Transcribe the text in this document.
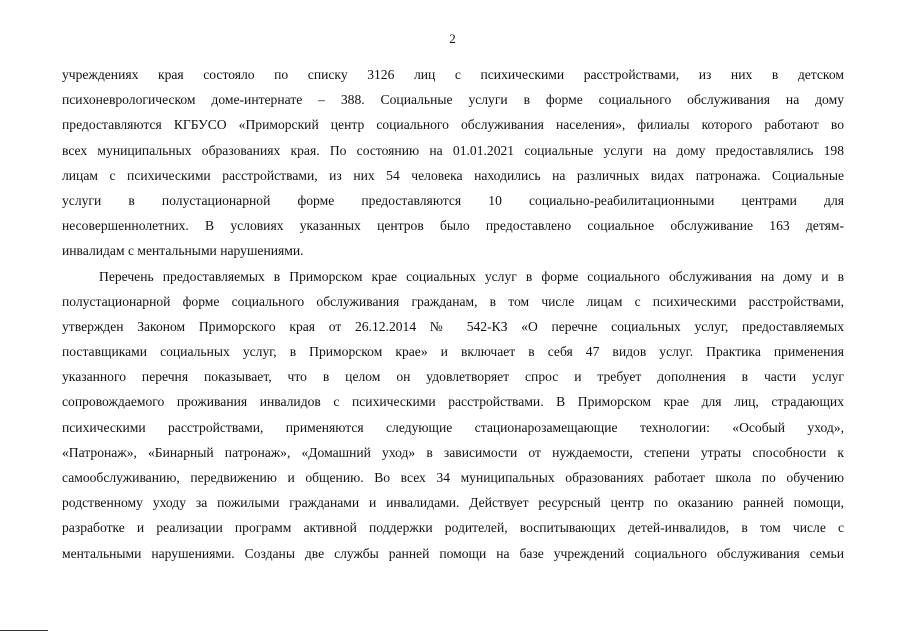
2
учреждениях края состояло по списку 3126 лиц с психическими расстройствами, из них в детском
психоневрологическом доме-интернате – 388. Социальные услуги в форме социального обслуживания на дому
предоставляются КГБУСО «Приморский центр социального обслуживания населения», филиалы которого работают во
всех муниципальных образованиях края. По состоянию на 01.01.2021 социальные услуги на дому предоставлялись 198
лицам с психическими расстройствами, из них 54 человека находились на различных видах патронажа. Социальные
услуги в полустационарной форме предоставляются 10 социально-реабилитационными центрами для
несовершеннолетних. В условиях указанных центров было предоставлено социальное обслуживание 163 детям-
инвалидам с ментальными нарушениями.
Перечень предоставляемых в Приморском крае социальных услуг в форме социального обслуживания на дому и в
полустационарной форме социального обслуживания гражданам, в том числе лицам с психическими расстройствами,
утвержден Законом Приморского края от 26.12.2014 № 542-КЗ «О перечне социальных услуг, предоставляемых
поставщиками социальных услуг, в Приморском крае» и включает в себя 47 видов услуг. Практика применения
указанного перечня показывает, что в целом он удовлетворяет спрос и требует дополнения в части услуг
сопровождаемого проживания инвалидов с психическими расстройствами. В Приморском крае для лиц, страдающих
психическими расстройствами, применяются следующие стационарозамещающие технологии: «Особый уход»,
«Патронаж», «Бинарный патронаж», «Домашний уход» в зависимости от нуждаемости, степени утраты способности к
самообслуживанию, передвижению и общению. Во всех 34 муниципальных образованиях работает школа по обучению
родственному уходу за пожилыми гражданами и инвалидами. Действует ресурсный центр по оказанию ранней помощи,
разработке и реализации программ активной поддержки родителей, воспитывающих детей-инвалидов, в том числе с
ментальными нарушениями. Созданы две службы ранней помощи на базе учреждений социального обслуживания семьи
